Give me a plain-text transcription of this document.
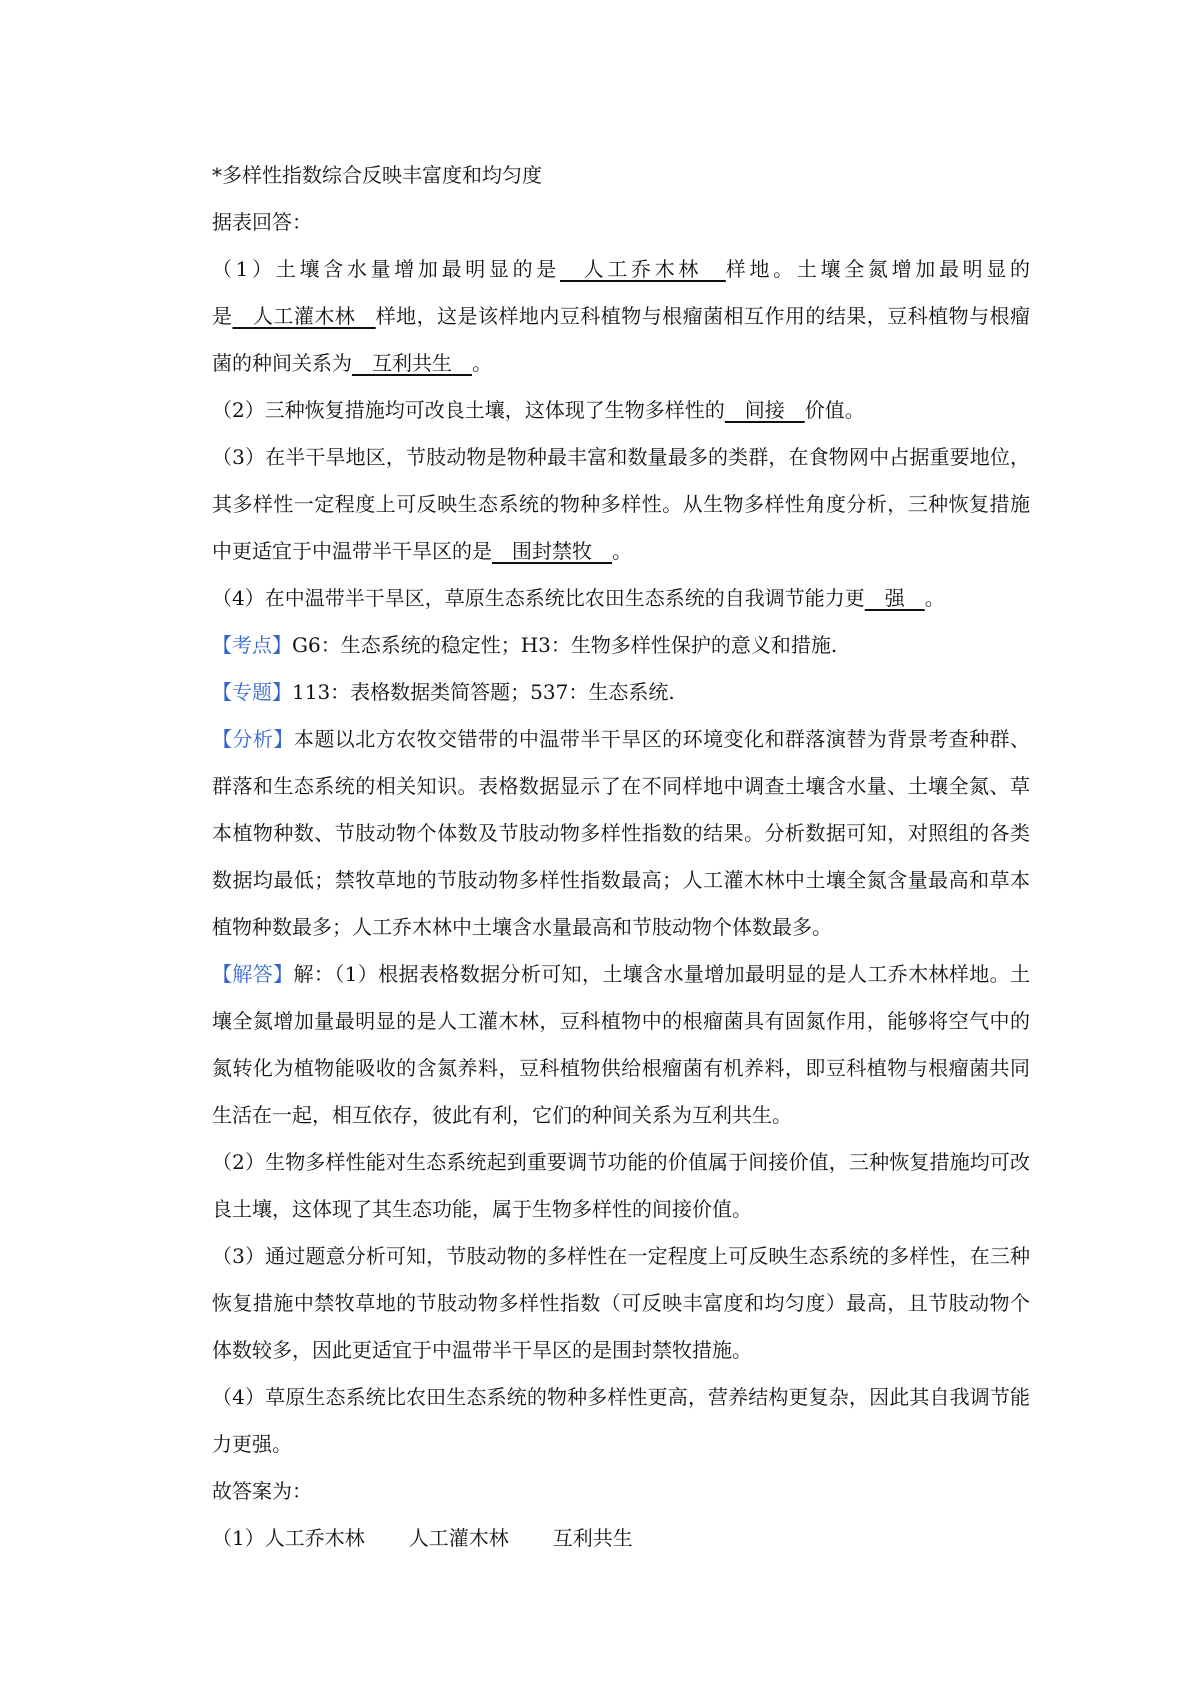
*多样性指数综合反映丰富度和均匀度

据表回答：

（1）土壤含水量增加最明显的是　人工乔木林　样地。土壤全氮增加最明显的是　人工灌木林　样地，这是该样地内豆科植物与根瘤菌相互作用的结果，豆科植物与根瘤菌的种间关系为　互利共生　。

（2）三种恢复措施均可改良土壤，这体现了生物多样性的　间接　价值。

（3）在半干旱地区，节肢动物是物种最丰富和数量最多的类群，在食物网中占据重要地位，其多样性一定程度上可反映生态系统的物种多样性。从生物多样性角度分析，三种恢复措施中更适宜于中温带半干旱区的是　围封禁牧　。

（4）在中温带半干旱区，草原生态系统比农田生态系统的自我调节能力更　强　。

【考点】G6：生态系统的稳定性；H3：生物多样性保护的意义和措施.

【专题】113：表格数据类简答题；537：生态系统.

【分析】本题以北方农牧交错带的中温带半干旱区的环境变化和群落演替为背景考查种群、群落和生态系统的相关知识。表格数据显示了在不同样地中调查土壤含水量、土壤全氮、草本植物种数、节肢动物个体数及节肢动物多样性指数的结果。分析数据可知，对照组的各类数据均最低；禁牧草地的节肢动物多样性指数最高；人工灌木林中土壤全氮含量最高和草本植物种数最多；人工乔木林中土壤含水量最高和节肢动物个体数最多。

【解答】解：（1）根据表格数据分析可知，土壤含水量增加最明显的是人工乔木林样地。土壤全氮增加量最明显的是人工灌木林，豆科植物中的根瘤菌具有固氮作用，能够将空气中的氮转化为植物能吸收的含氮养料，豆科植物供给根瘤菌有机养料，即豆科植物与根瘤菌共同生活在一起，相互依存，彼此有利，它们的种间关系为互利共生。

（2）生物多样性能对生态系统起到重要调节功能的价值属于间接价值，三种恢复措施均可改良土壤，这体现了其生态功能，属于生物多样性的间接价值。

（3）通过题意分析可知，节肢动物的多样性在一定程度上可反映生态系统的多样性，在三种恢复措施中禁牧草地的节肢动物多样性指数（可反映丰富度和均匀度）最高，且节肢动物个体数较多，因此更适宜于中温带半干旱区的是围封禁牧措施。

（4）草原生态系统比农田生态系统的物种多样性更高，营养结构更复杂，因此其自我调节能力更强。

故答案为：

（1）人工乔木林 人工灌木林 互利共生
